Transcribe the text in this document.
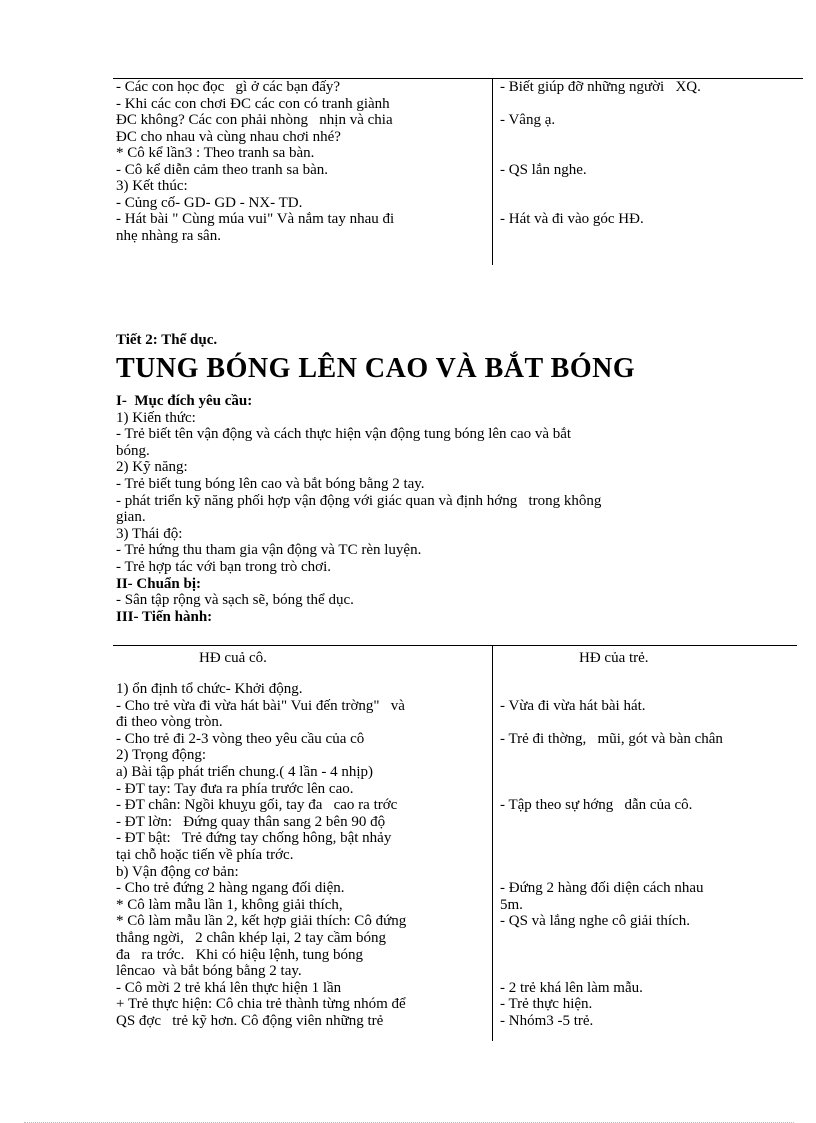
- Các con học đọc   gì ở các bạn đấy?
- Khi các con chơi ĐC các con có tranh giành
ĐC không? Các con phải nhòng   nhịn và chia
ĐC cho nhau và cùng nhau chơi nhé?
* Cô kể lần3 : Theo tranh sa bàn.
- Cô kể diễn cảm theo tranh sa bàn.
3) Kết thúc:
- Củng cố- GD- GD - NX- TD.
- Hát bài " Cùng múa vui" Và nắm tay nhau đi
nhẹ nhàng ra sân.
- Biết giúp đỡ những người   XQ.

- Vâng ạ.

- QS lắn nghe.

- Hát và đi vào góc HĐ.

Tiết 2: Thể dục.
TUNG BÓNG LÊN CAO VÀ BẮT BÓNG
I-  Mục đích yêu cầu:
1) Kiến thức:
- Trẻ biết tên vận động và cách thực hiện vận động tung bóng lên cao và bắt
bóng.
2) Kỹ năng:
- Trẻ biết tung bóng lên cao và bắt bóng bằng 2 tay.
- phát triển kỹ năng phối hợp vận động với giác quan và định hớng   trong không
gian.
3) Thái độ:
- Trẻ hứng thu tham gia vận động và TC rèn luyện.
- Trẻ hợp tác với bạn trong trò chơi.
II- Chuẩn bị:
- Sân tập rộng và sạch sẽ, bóng thể dục.
III- Tiến hành:
HĐ cuả cô.	HĐ của trẻ.
1) ổn định tổ chức- Khởi động.
- Cho trẻ vừa đi vừa hát bài" Vui đến trờng"   và
đi theo vòng tròn.
- Cho trẻ đi 2-3 vòng theo yêu cầu của cô
2) Trọng động:
a) Bài tập phát triển chung.( 4 lần - 4 nhịp)
- ĐT tay: Tay đưa ra phía trước lên cao.
- ĐT chân: Ngồi khuỵu gối, tay đa   cao ra trớc
- ĐT lờn:   Đứng quay thân sang 2 bên 90 độ
- ĐT bật:   Trẻ đứng tay chống hông, bật nhảy
tại chỗ hoặc tiến về phía trớc.
b) Vận động cơ bản:
- Cho trẻ đứng 2 hàng ngang đối diện.
* Cô làm mẫu lần 1, không giải thích,
* Cô làm mẫu lần 2, kết hợp giải thích: Cô đứng
thẳng ngời,   2 chân khép lại, 2 tay cầm bóng
đa   ra trớc.   Khi có hiệu lệnh, tung bóng
lêncao  và bắt bóng bằng 2 tay.
- Cô mời 2 trẻ khá lên thực hiện 1 lần
+ Trẻ thực hiện: Cô chia trẻ thành từng nhóm để
QS đợc   trẻ kỹ hơn. Cô động viên những trẻ

- Vừa đi vừa hát bài hát.

- Trẻ đi thờng,   mũi, gót và bàn chân

- Tập theo sự hớng   dẫn của cô.

- Đứng 2 hàng đối diện cách nhau
5m.
- QS và lắng nghe cô giải thích.

- 2 trẻ khá lên làm mẫu.
- Trẻ thực hiện.
- Nhóm3 -5 trẻ.
